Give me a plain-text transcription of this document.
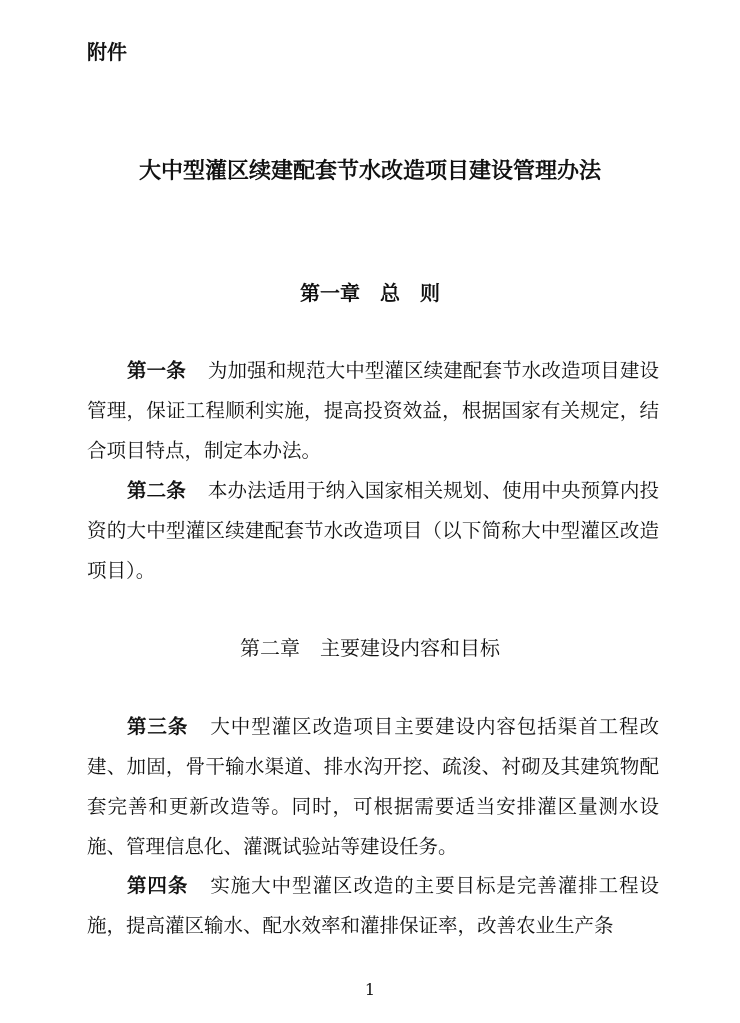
附件
大中型灌区续建配套节水改造项目建设管理办法
第一章　总　则

第一条 为加强和规范大中型灌区续建配套节水改造项目建设管理，保证工程顺利实施，提高投资效益，根据国家有关规定，结合项目特点，制定本办法。

第二条 本办法适用于纳入国家相关规划、使用中央预算内投资的大中型灌区续建配套节水改造项目（以下简称大中型灌区改造项目）。

第二章　主要建设内容和目标

第三条 大中型灌区改造项目主要建设内容包括渠首工程改建、加固，骨干输水渠道、排水沟开挖、疏浚、衬砌及其建筑物配套完善和更新改造等。同时，可根据需要适当安排灌区量测水设施、管理信息化、灌溉试验站等建设任务。

第四条 实施大中型灌区改造的主要目标是完善灌排工程设施，提高灌区输水、配水效率和灌排保证率，改善农业生产条

1
